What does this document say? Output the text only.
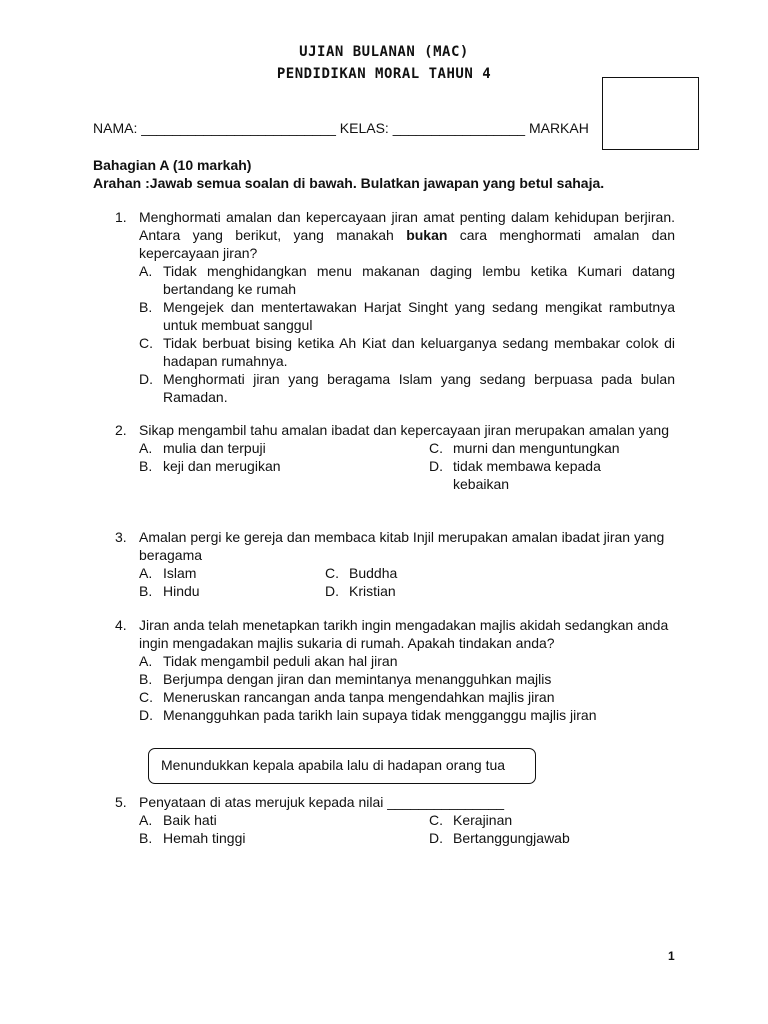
UJIAN BULANAN (MAC)
PENDIDIKAN MORAL TAHUN 4
NAMA: _________________________ KELAS: _________________ MARKAH
Bahagian A (10 markah)
Arahan :Jawab semua soalan di bawah. Bulatkan jawapan yang betul sahaja.
1. Menghormati amalan dan kepercayaan jiran amat penting dalam kehidupan berjiran. Antara yang berikut, yang manakah bukan cara menghormati amalan dan kepercayaan jiran?
A. Tidak menghidangkan menu makanan daging lembu ketika Kumari datang bertandang ke rumah
B. Mengejek dan mentertawakan Harjat Singht yang sedang mengikat rambutnya untuk membuat sanggul
C. Tidak berbuat bising ketika Ah Kiat dan keluarganya sedang membakar colok di hadapan rumahnya.
D. Menghormati jiran yang beragama Islam yang sedang berpuasa pada bulan Ramadan.
2. Sikap mengambil tahu amalan ibadat dan kepercayaan jiran merupakan amalan yang
A. mulia dan terpuji	C. murni dan menguntungkan
B. keji dan merugikan	D. tidak membawa kepada kebaikan
3. Amalan pergi ke gereja dan membaca kitab Injil merupakan amalan ibadat jiran yang beragama
A. Islam	C. Buddha
B. Hindu	D. Kristian
4. Jiran anda telah menetapkan tarikh ingin mengadakan majlis akidah sedangkan anda ingin mengadakan majlis sukaria di rumah. Apakah tindakan anda?
A. Tidak mengambil peduli akan hal jiran
B. Berjumpa dengan jiran dan memintanya menangguhkan majlis
C. Meneruskan rancangan anda tanpa mengendahkan majlis jiran
D. Menangguhkan pada tarikh lain supaya tidak mengganggu majlis jiran
Menundukkan kepala apabila lalu di hadapan orang tua
5. Penyataan di atas merujuk kepada nilai _______________
A. Baik hati	C. Kerajinan
B. Hemah tinggi	D. Bertanggungjawab
1
